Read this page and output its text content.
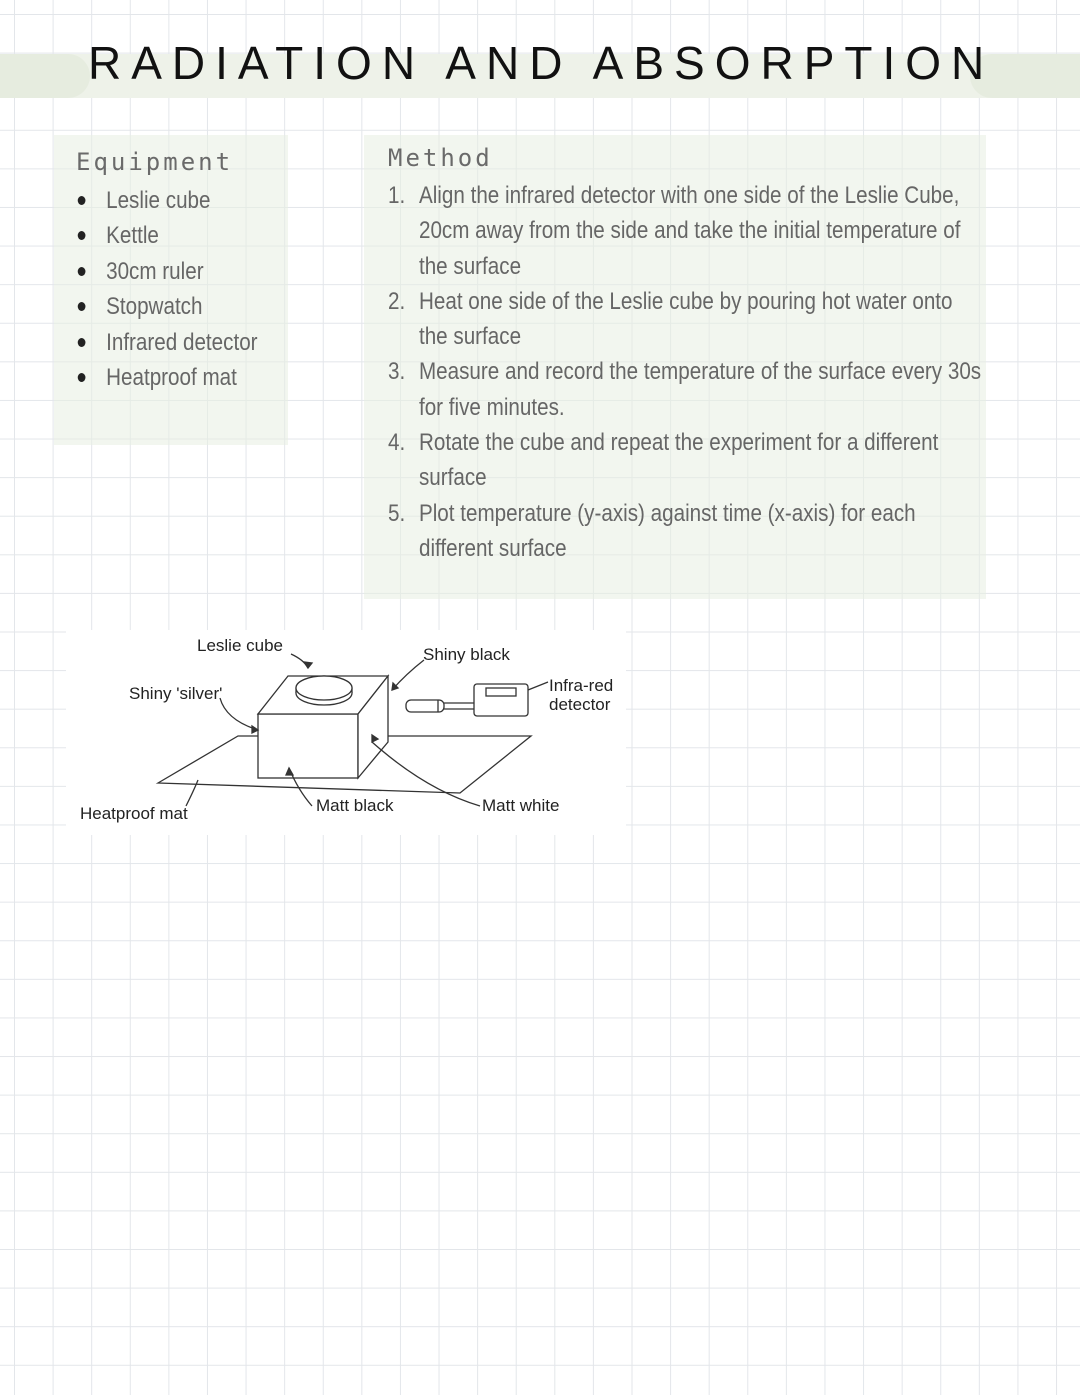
RADIATION AND ABSORPTION
Equipment
Leslie cube
Kettle
30cm ruler
Stopwatch
Infrared detector
Heatproof mat
Method
1. Align the infrared detector with one side of the Leslie Cube, 20cm away from the side and take the initial temperature of the surface
2. Heat one side of the Leslie cube by pouring hot water onto the surface
3. Measure and record the temperature of the surface every 30s for five minutes.
4. Rotate the cube and repeat the experiment for a different surface
5. Plot temperature (y-axis) against time (x-axis) for each different surface
Leslie cube
Shiny 'silver'
Heatproof mat	Matt black
Shiny black
Infra-red
detector
Matt white
